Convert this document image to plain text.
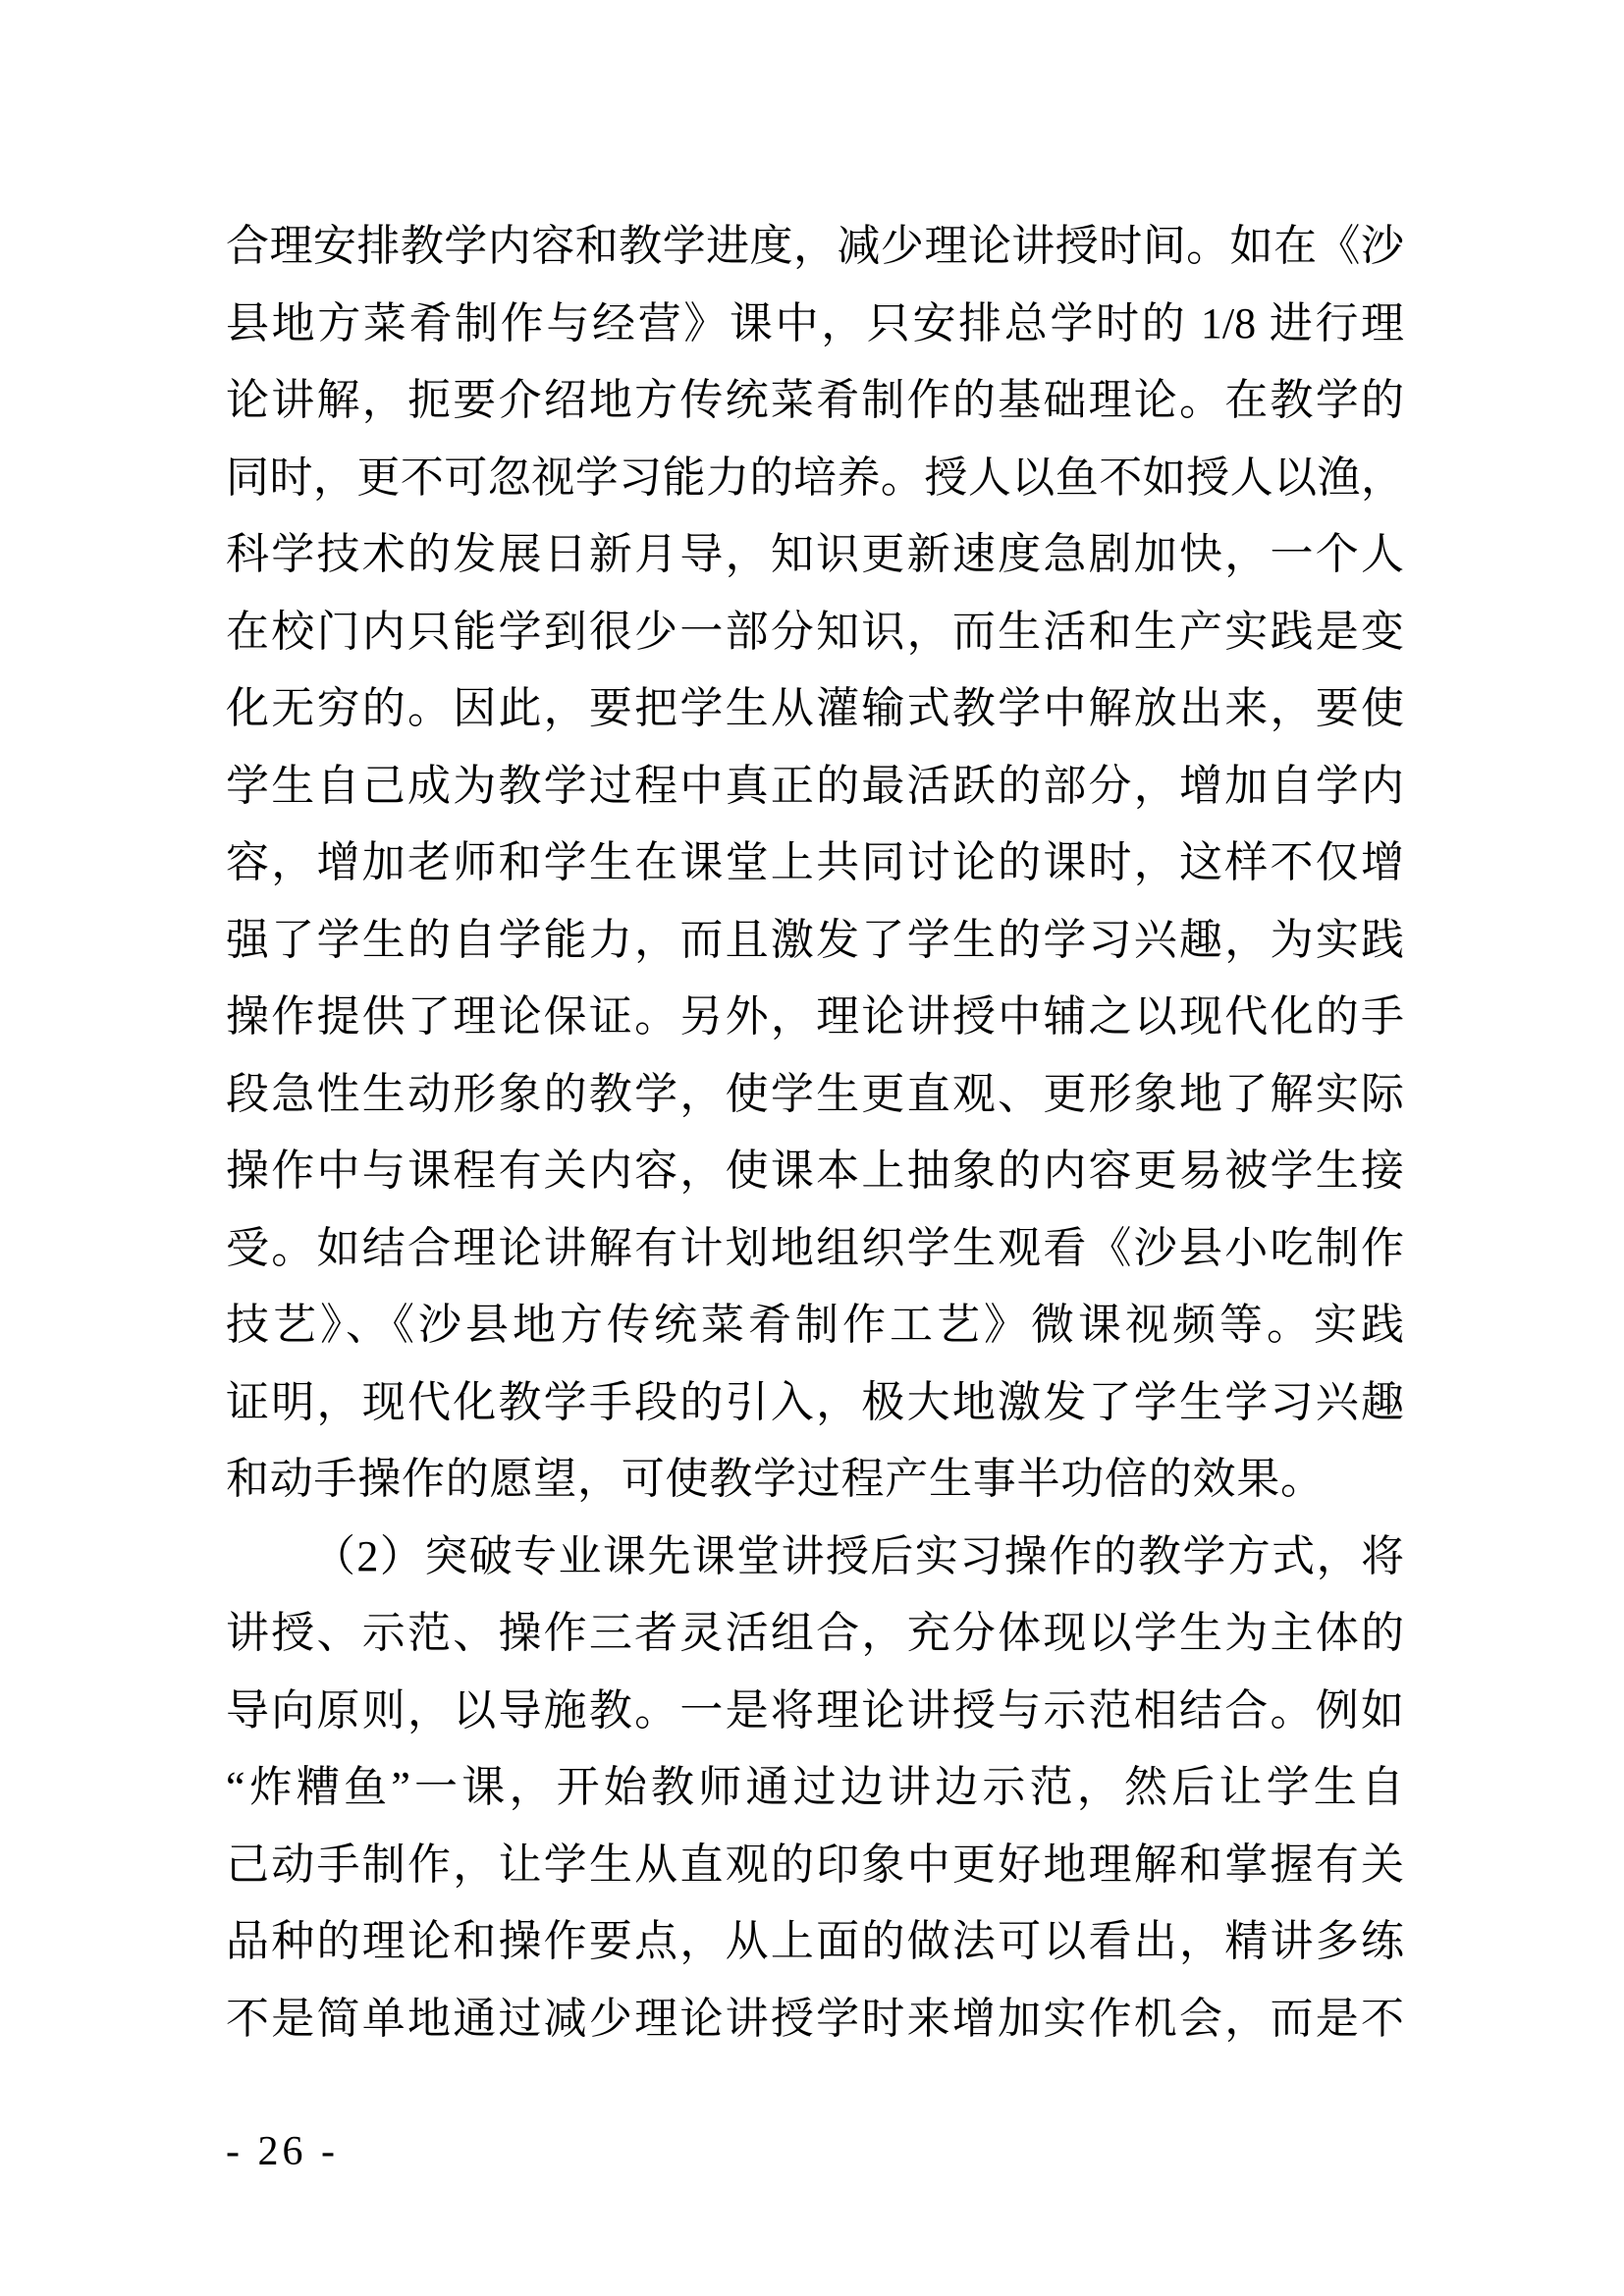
合理安排教学内容和教学进度，减少理论讲授时间。如在《沙
县地方菜肴制作与经营》课中，只安排总学时的 1/8 进行理
论讲解，扼要介绍地方传统菜肴制作的基础理论。在教学的
同时，更不可忽视学习能力的培养。授人以鱼不如授人以渔，
科学技术的发展日新月导，知识更新速度急剧加快，一个人
在校门内只能学到很少一部分知识，而生活和生产实践是变
化无穷的。因此，要把学生从灌输式教学中解放出来，要使
学生自己成为教学过程中真正的最活跃的部分，增加自学内
容，增加老师和学生在课堂上共同讨论的课时，这样不仅增
强了学生的自学能力，而且激发了学生的学习兴趣，为实践
操作提供了理论保证。另外，理论讲授中辅之以现代化的手
段急性生动形象的教学，使学生更直观、更形象地了解实际
操作中与课程有关内容，使课本上抽象的内容更易被学生接
受。如结合理论讲解有计划地组织学生观看《沙县小吃制作
技艺》、《沙县地方传统菜肴制作工艺》微课视频等。实践
证明，现代化教学手段的引入，极大地激发了学生学习兴趣
和动手操作的愿望，可使教学过程产生事半功倍的效果。
（2）突破专业课先课堂讲授后实习操作的教学方式，将
讲授、示范、操作三者灵活组合，充分体现以学生为主体的
导向原则，以导施教。一是将理论讲授与示范相结合。例如
“炸糟鱼”一课，开始教师通过边讲边示范，然后让学生自
己动手制作，让学生从直观的印象中更好地理解和掌握有关
品种的理论和操作要点，从上面的做法可以看出，精讲多练
不是简单地通过减少理论讲授学时来增加实作机会，而是不
- 26 -
